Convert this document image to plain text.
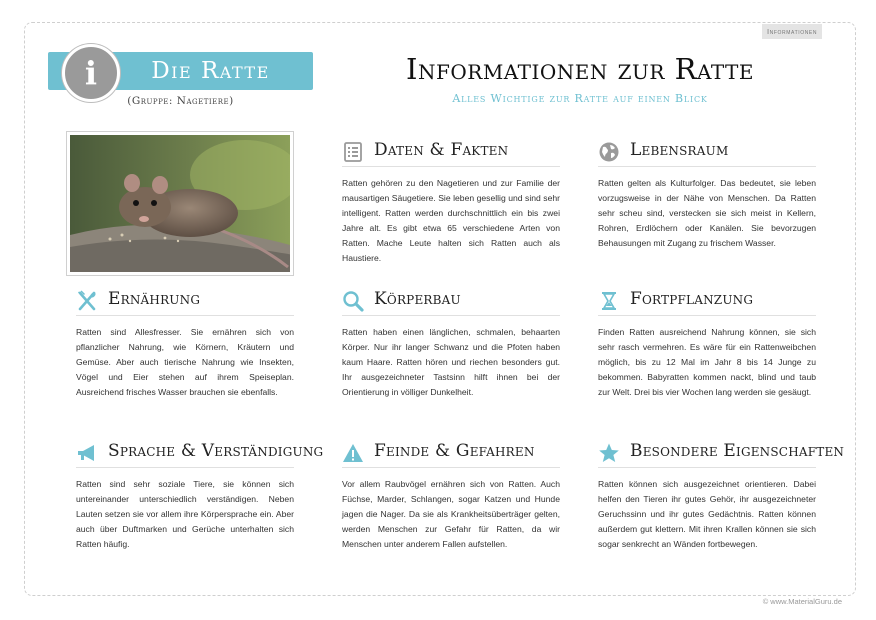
Informationen
Die Ratte
i
(Gruppe: Nagetiere)
Informationen zur Ratte
Alles Wichtige zur Ratte auf einen Blick
Daten & Fakten
Ratten gehören zu den Nagetieren und zur Familie der mausartigen Säugetiere. Sie leben gesellig und sind sehr intelligent. Ratten werden durchschnittlich ein bis zwei Jahre alt. Es gibt etwa 65 verschiedene Arten von Ratten. Mache Leute halten sich Ratten auch als Haustiere.
Lebensraum
Ratten gelten als Kulturfolger. Das bedeutet, sie leben vorzugsweise in der Nähe von Menschen. Da Ratten sehr scheu sind, verstecken sie sich meist in Kellern, Rohren, Erdlöchern oder Kanälen. Sie bevorzugen Behausungen mit Zugang zu frischem Wasser.
Ernährung
Ratten sind Allesfresser. Sie ernähren sich von pflanzlicher Nahrung, wie Körnern, Kräutern und Gemüse. Aber auch tierische Nahrung wie Insekten, Vögel und Eier stehen auf ihrem Speiseplan. Ausreichend frisches Wasser brauchen sie ebenfalls.
Körperbau
Ratten haben einen länglichen, schmalen, behaarten Körper. Nur ihr langer Schwanz und die Pfoten haben kaum Haare. Ratten hören und riechen besonders gut. Ihr ausgezeichneter Tastsinn hilft ihnen bei der Orientierung in völliger Dunkelheit.
Fortpflanzung
Finden Ratten ausreichend Nahrung können, sie sich sehr rasch vermehren. Es wäre für ein Rattenweibchen möglich, bis zu 12 Mal im Jahr 8 bis 14 Junge zu bekommen. Babyratten kommen nackt, blind und taub zur Welt. Drei bis vier Wochen lang werden sie gesäugt.
Sprache & Verständigung
Ratten sind sehr soziale Tiere, sie können sich untereinander unterschiedlich verständigen. Neben Lauten setzen sie vor allem ihre Körpersprache ein. Aber auch über Duftmarken und Gerüche unterhalten sich Ratten häufig.
Feinde & Gefahren
Vor allem Raubvögel ernähren sich von Ratten. Auch Füchse, Marder, Schlangen, sogar Katzen und Hunde jagen die Nager. Da sie als Krankheitsüberträger gelten, werden Menschen zur Gefahr für Ratten, da wir Menschen unter anderem Fallen aufstellen.
Besondere Eigenschaften
Ratten können sich ausgezeichnet orientieren. Dabei helfen den Tieren ihr gutes Gehör, ihr ausgezeichneter Geruchssinn und ihr gutes Gedächtnis. Ratten können außerdem gut klettern. Mit ihren Krallen können sie sich sogar senkrecht an Wänden fortbewegen.
© www.MaterialGuru.de
